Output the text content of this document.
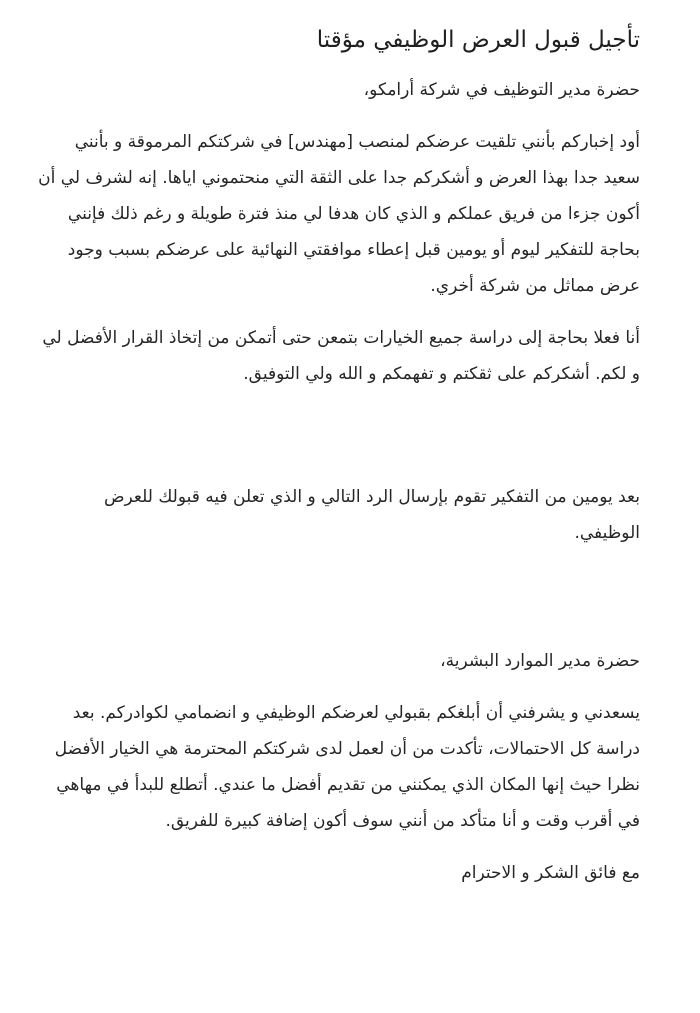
تأجيل قبول العرض الوظيفي مؤقتا

حضرة مدير التوظيف في شركة أرامكو،

أود إخباركم بأنني تلقيت عرضكم لمنصب [مهندس] في شركتكم المرموقة و بأنني سعيد جدا بهذا العرض و أشكركم جدا على الثقة التي منحتموني اياها. إنه لشرف لي أن أكون جزءا من فريق عملكم و الذي كان هدفا لي منذ فترة طويلة و رغم ذلك فإنني بحاجة للتفكير ليوم أو يومين قبل إعطاء موافقتي النهائية على عرضكم بسبب وجود عرض مماثل من شركة أخري.

أنا فعلا بحاجة إلى دراسة جميع الخيارات بتمعن حتى أتمكن من إتخاذ القرار الأفضل لي و لكم. أشكركم على ثقكتم و تفهمكم و الله ولي التوفيق.

بعد يومين من التفكير تقوم بإرسال الرد التالي و الذي تعلن فيه قبولك للعرض الوظيفي.

حضرة مدير الموارد البشرية،

يسعدني و يشرفني أن أبلغكم بقبولي لعرضكم الوظيفي و انضمامي لكوادركم. بعد دراسة كل الاحتمالات، تأكدت من أن لعمل لدى شركتكم المحترمة هي الخيار الأفضل نظرا حيث إنها المكان الذي يمكنني من تقديم أفضل ما عندي. أتطلع للبدأ في مهاهي في أقرب وقت و أنا متأكد من أنني سوف أكون إضافة كبيرة للفريق.

مع فائق الشكر و الاحترام
